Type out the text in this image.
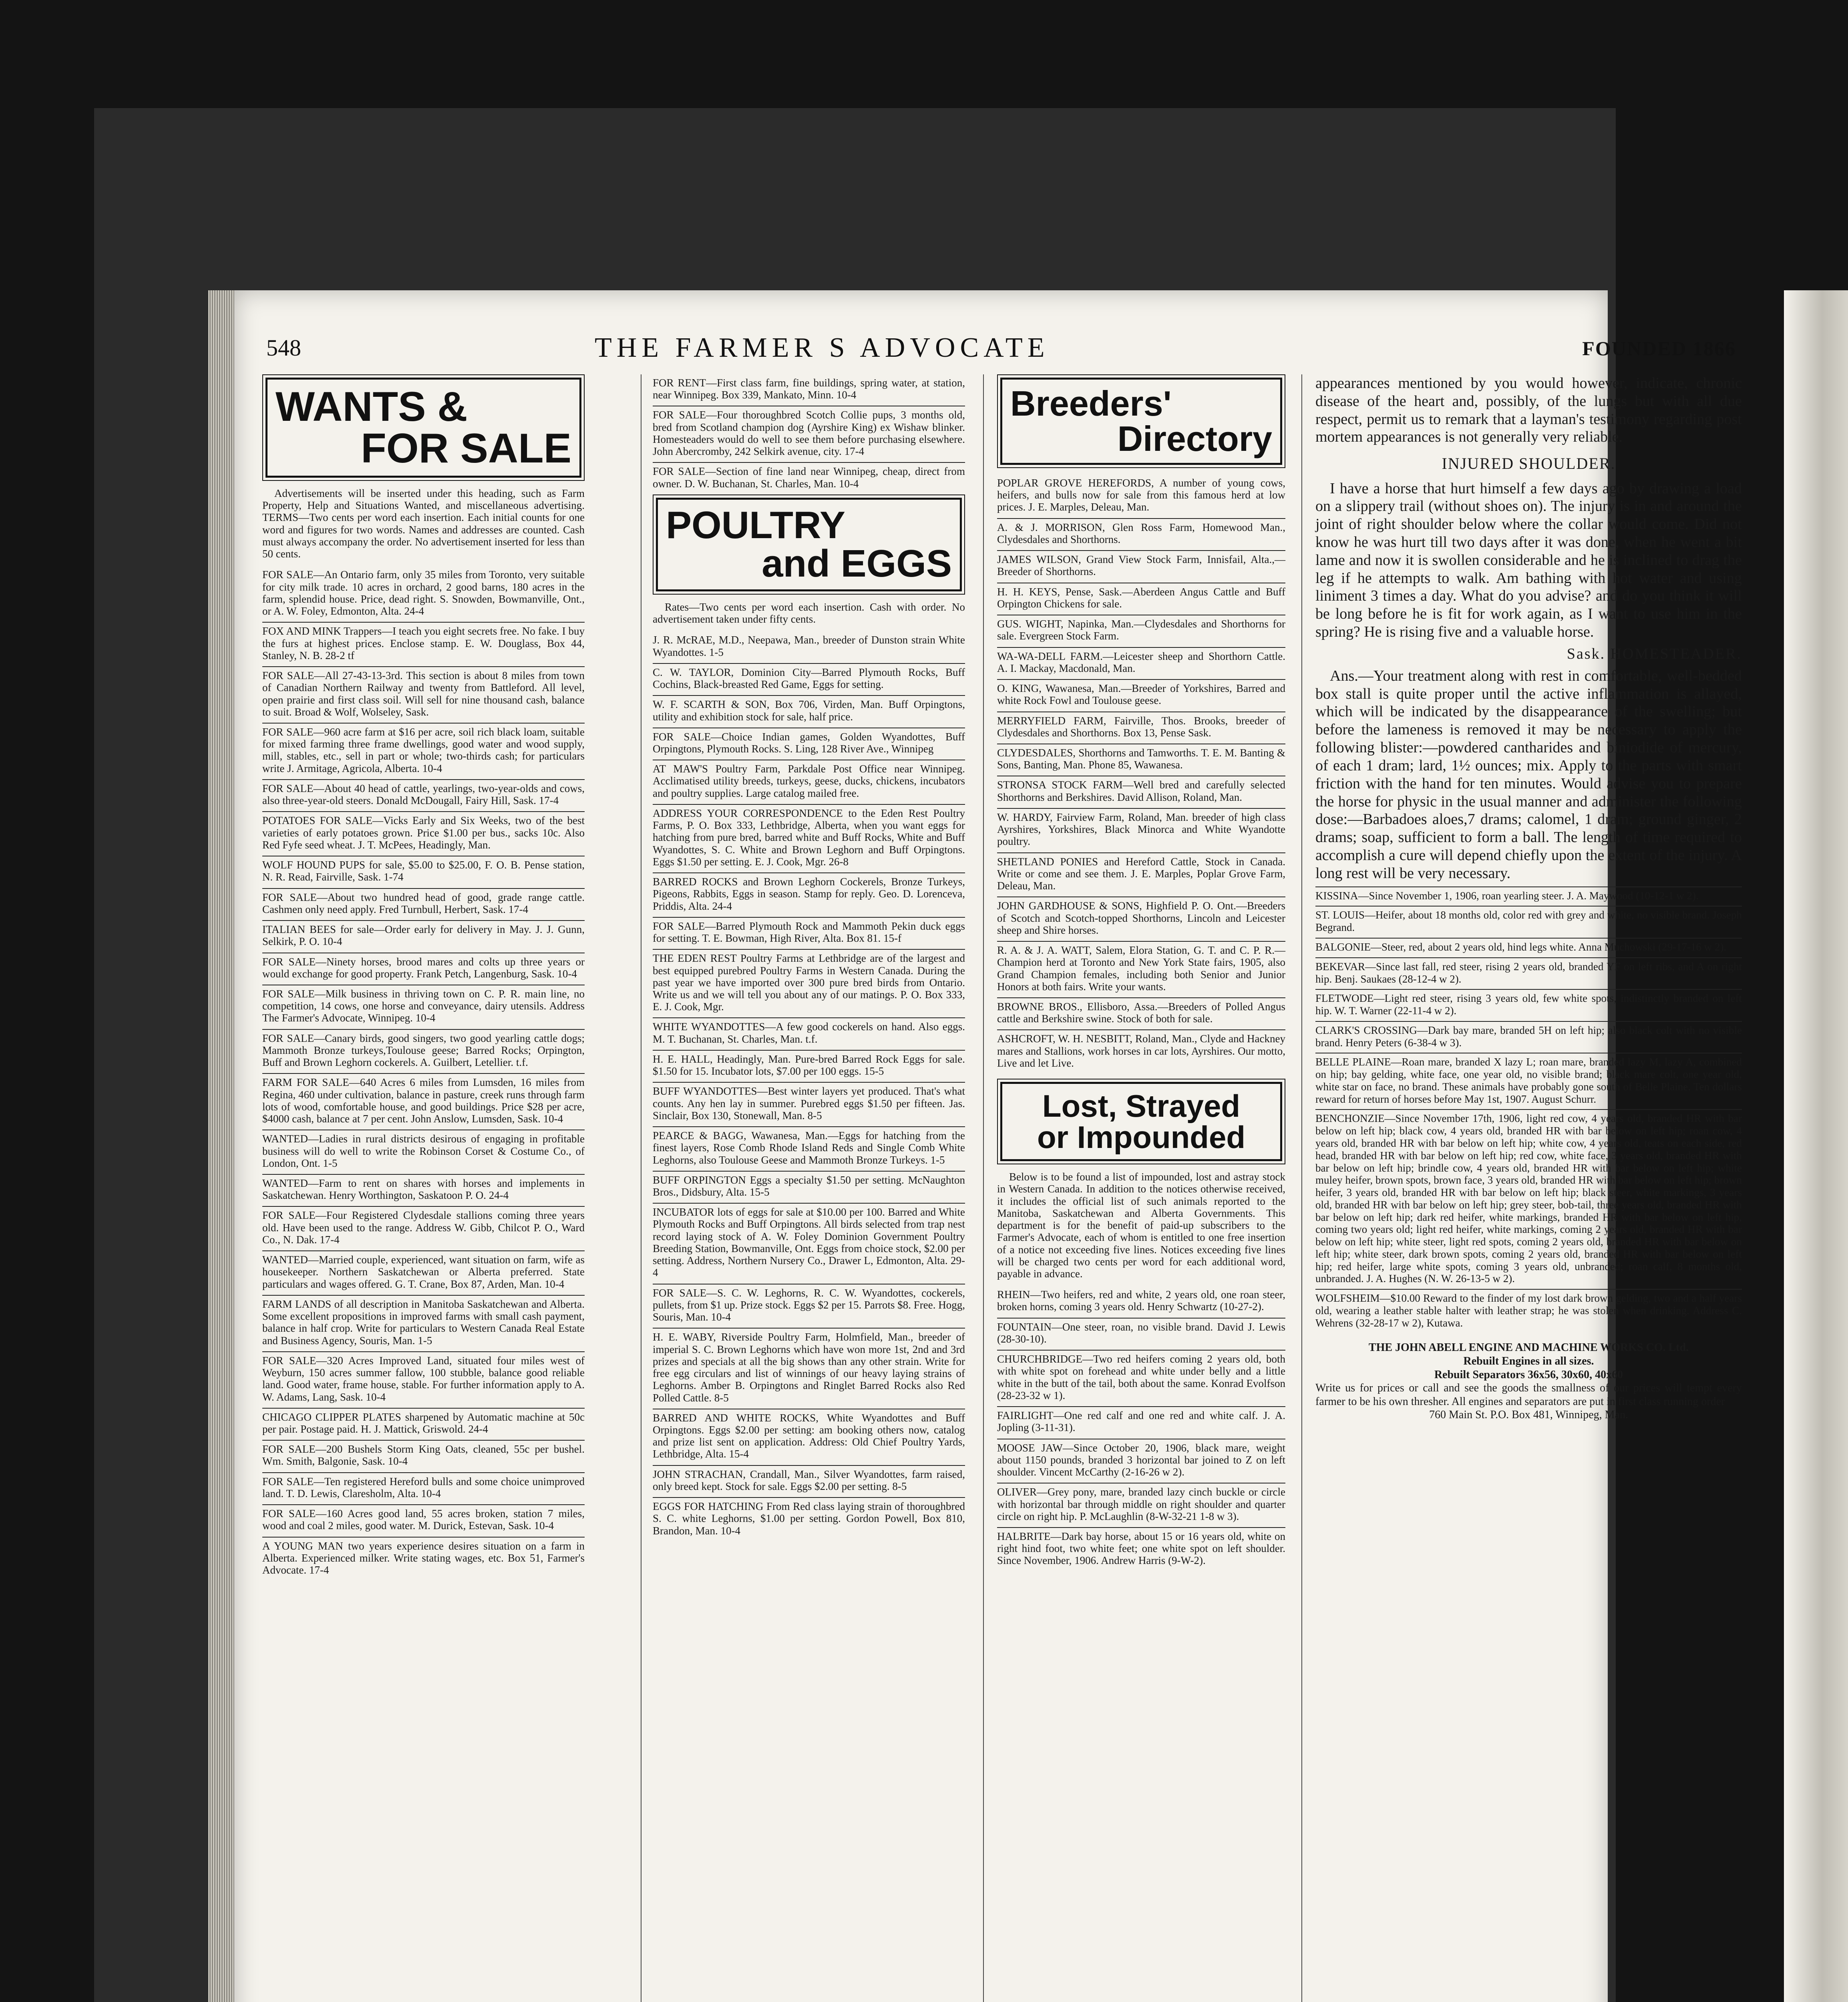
548	THE FARMER S ADVOCATE	FOUNDED 1866
WANTS &
FOR SALE
Advertisements will be inserted under this heading, such as Farm Property, Help and Situations Wanted, and miscellaneous advertising. TERMS—Two cents per word each insertion. Each initial counts for one word and figures for two words. Names and addresses are counted. Cash must always accompany the order. No advertisement inserted for less than 50 cents.
FOR SALE—An Ontario farm, only 35 miles from Toronto, very suitable for city milk trade. 10 acres in orchard, 2 good barns, 180 acres in the farm, splendid house. Price, dead right. S. Snowden, Bowmanville, Ont., or A. W. Foley, Edmonton, Alta. 24-4
FOX AND MINK Trappers—I teach you eight secrets free. No fake. I buy the furs at highest prices. Enclose stamp. E. W. Douglass, Box 44, Stanley, N. B. 28-2 tf
FOR SALE—All 27-43-13-3rd. This section is about 8 miles from town of Canadian Northern Railway and twenty from Battleford. All level, open prairie and first class soil. Will sell for nine thousand cash, balance to suit. Broad & Wolf, Wolseley, Sask.
FOR SALE—960 acre farm at $16 per acre, soil rich black loam, suitable for mixed farming three frame dwellings, good water and wood supply, mill, stables, etc., sell in part or whole; two-thirds cash; for particulars write J. Armitage, Agricola, Alberta. 10-4
FOR SALE—About 40 head of cattle, yearlings, two-year-olds and cows, also three-year-old steers. Donald McDougall, Fairy Hill, Sask. 17-4
POTATOES FOR SALE—Vicks Early and Six Weeks, two of the best varieties of early potatoes grown. Price $1.00 per bus., sacks 10c. Also Red Fyfe seed wheat. J. T. McPees, Headingly, Man.
WOLF HOUND PUPS for sale, $5.00 to $25.00, F. O. B. Pense station, N. R. Read, Fairville, Sask. 1-74
FOR SALE—About two hundred head of good, grade range cattle. Cashmen only need apply. Fred Turnbull, Herbert, Sask. 17-4
ITALIAN BEES for sale—Order early for delivery in May. J. J. Gunn, Selkirk, P. O. 10-4
FOR SALE—Ninety horses, brood mares and colts up three years or would exchange for good property. Frank Petch, Langenburg, Sask. 10-4
FOR SALE—Milk business in thriving town on C. P. R. main line, no competition, 14 cows, one horse and conveyance, dairy utensils. Address The Farmer's Advocate, Winnipeg. 10-4
FOR SALE—Canary birds, good singers, two good yearling cattle dogs; Mammoth Bronze turkeys,Toulouse geese; Barred Rocks; Orpington, Buff and Brown Leghorn cockerels. A. Guilbert, Letellier. t.f.
FARM FOR SALE—640 Acres 6 miles from Lumsden, 16 miles from Regina, 460 under cultivation, balance in pasture, creek runs through farm lots of wood, comfortable house, and good buildings. Price $28 per acre, $4000 cash, balance at 7 per cent. John Anslow, Lumsden, Sask. 10-4
WANTED—Ladies in rural districts desirous of engaging in profitable business will do well to write the Robinson Corset & Costume Co., of London, Ont. 1-5
WANTED—Farm to rent on shares with horses and implements in Saskatchewan. Henry Worthington, Saskatoon P. O. 24-4
FOR SALE—Four Registered Clydesdale stallions coming three years old. Have been used to the range. Address W. Gibb, Chilcot P. O., Ward Co., N. Dak. 17-4
WANTED—Married couple, experienced, want situation on farm, wife as housekeeper. Northern Saskatchewan or Alberta preferred. State particulars and wages offered. G. T. Crane, Box 87, Arden, Man. 10-4
FARM LANDS of all description in Manitoba Saskatchewan and Alberta. Some excellent propositions in improved farms with small cash payment, balance in half crop. Write for particulars to Western Canada Real Estate and Business Agency, Souris, Man. 1-5
FOR SALE—320 Acres Improved Land, situated four miles west of Weyburn, 150 acres summer fallow, 100 stubble, balance good reliable land. Good water, frame house, stable. For further information apply to A. W. Adams, Lang, Sask. 10-4
CHICAGO CLIPPER PLATES sharpened by Automatic machine at 50c per pair. Postage paid. H. J. Mattick, Griswold. 24-4
FOR SALE—200 Bushels Storm King Oats, cleaned, 55c per bushel. Wm. Smith, Balgonie, Sask. 10-4
FOR SALE—Ten registered Hereford bulls and some choice unimproved land. T. D. Lewis, Claresholm, Alta. 10-4
FOR SALE—160 Acres good land, 55 acres broken, station 7 miles, wood and coal 2 miles, good water. M. Durick, Estevan, Sask. 10-4
A YOUNG MAN two years experience desires situation on a farm in Alberta. Experienced milker. Write stating wages, etc. Box 51, Farmer's Advocate. 17-4
FOR RENT—First class farm, fine buildings, spring water, at station, near Winnipeg. Box 339, Mankato, Minn. 10-4
FOR SALE—Four thoroughbred Scotch Collie pups, 3 months old, bred from Scotland champion dog (Ayrshire King) ex Wishaw blinker. Homesteaders would do well to see them before purchasing elsewhere. John Abercromby, 242 Selkirk avenue, city. 17-4
FOR SALE—Section of fine land near Winnipeg, cheap, direct from owner. D. W. Buchanan, St. Charles, Man. 10-4
POULTRY
and EGGS
Rates—Two cents per word each insertion. Cash with order. No advertisement taken under fifty cents.
J. R. McRAE, M.D., Neepawa, Man., breeder of Dunston strain White Wyandottes. 1-5
C. W. TAYLOR, Dominion City—Barred Plymouth Rocks, Buff Cochins, Black-breasted Red Game, Eggs for setting.
W. F. SCARTH & SON, Box 706, Virden, Man. Buff Orpingtons, utility and exhibition stock for sale, half price.
FOR SALE—Choice Indian games, Golden Wyandottes, Buff Orpingtons, Plymouth Rocks. S. Ling, 128 River Ave., Winnipeg
AT MAW'S Poultry Farm, Parkdale Post Office near Winnipeg. Acclimatised utility breeds, turkeys, geese, ducks, chickens, incubators and poultry supplies. Large catalog mailed free.
ADDRESS YOUR CORRESPONDENCE to the Eden Rest Poultry Farms, P. O. Box 333, Lethbridge, Alberta, when you want eggs for hatching from pure bred, barred white and Buff Rocks, White and Buff Wyandottes, S. C. White and Brown Leghorn and Buff Orpingtons. Eggs $1.50 per setting. E. J. Cook, Mgr. 26-8
BARRED ROCKS and Brown Leghorn Cockerels, Bronze Turkeys, Pigeons, Rabbits, Eggs in season. Stamp for reply. Geo. D. Lorenceva, Priddis, Alta. 24-4
FOR SALE—Barred Plymouth Rock and Mammoth Pekin duck eggs for setting. T. E. Bowman, High River, Alta. Box 81. 15-f
THE EDEN REST Poultry Farms at Lethbridge are of the largest and best equipped purebred Poultry Farms in Western Canada. During the past year we have imported over 300 pure bred birds from Ontario. Write us and we will tell you about any of our matings. P. O. Box 333, E. J. Cook, Mgr.
WHITE WYANDOTTES—A few good cockerels on hand. Also eggs. M. T. Buchanan, St. Charles, Man. t.f.
H. E. HALL, Headingly, Man. Pure-bred Barred Rock Eggs for sale. $1.50 for 15. Incubator lots, $7.00 per 100 eggs. 15-5
BUFF WYANDOTTES—Best winter layers yet produced. That's what counts. Any hen lay in summer. Purebred eggs $1.50 per fifteen. Jas. Sinclair, Box 130, Stonewall, Man. 8-5
PEARCE & BAGG, Wawanesa, Man.—Eggs for hatching from the finest layers, Rose Comb Rhode Island Reds and Single Comb White Leghorns, also Toulouse Geese and Mammoth Bronze Turkeys. 1-5
BUFF ORPINGTON Eggs a specialty $1.50 per setting. McNaughton Bros., Didsbury, Alta. 15-5
INCUBATOR lots of eggs for sale at $10.00 per 100. Barred and White Plymouth Rocks and Buff Orpingtons. All birds selected from trap nest record laying stock of A. W. Foley Dominion Government Poultry Breeding Station, Bowmanville, Ont. Eggs from choice stock, $2.00 per setting. Address, Northern Nursery Co., Drawer L, Edmonton, Alta. 29-4
FOR SALE—S. C. W. Leghorns, R. C. W. Wyandottes, cockerels, pullets, from $1 up. Prize stock. Eggs $2 per 15. Parrots $8. Free. Hogg, Souris, Man. 10-4
H. E. WABY, Riverside Poultry Farm, Holmfield, Man., breeder of imperial S. C. Brown Leghorns which have won more 1st, 2nd and 3rd prizes and specials at all the big shows than any other strain. Write for free egg circulars and list of winnings of our heavy laying strains of Leghorns. Amber B. Orpingtons and Ringlet Barred Rocks also Red Polled Cattle. 8-5
BARRED AND WHITE ROCKS, White Wyandottes and Buff Orpingtons. Eggs $2.00 per setting: am booking others now, catalog and prize list sent on application. Address: Old Chief Poultry Yards, Lethbridge, Alta. 15-4
JOHN STRACHAN, Crandall, Man., Silver Wyandottes, farm raised, only breed kept. Stock for sale. Eggs $2.00 per setting. 8-5
EGGS FOR HATCHING From Red class laying strain of thoroughbred S. C. white Leghorns, $1.00 per setting. Gordon Powell, Box 810, Brandon, Man. 10-4
Breeders'
Directory
POPLAR GROVE HEREFORDS, A number of young cows, heifers, and bulls now for sale from this famous herd at low prices. J. E. Marples, Deleau, Man.
A. & J. MORRISON, Glen Ross Farm, Homewood Man., Clydesdales and Shorthorns.
JAMES WILSON, Grand View Stock Farm, Innisfail, Alta.,—Breeder of Shorthorns.
H. H. KEYS, Pense, Sask.—Aberdeen Angus Cattle and Buff Orpington Chickens for sale.
GUS. WIGHT, Napinka, Man.—Clydesdales and Shorthorns for sale. Evergreen Stock Farm.
WA-WA-DELL FARM.—Leicester sheep and Shorthorn Cattle. A. I. Mackay, Macdonald, Man.
O. KING, Wawanesa, Man.—Breeder of Yorkshires, Barred and white Rock Fowl and Toulouse geese.
MERRYFIELD FARM, Fairville, Thos. Brooks, breeder of Clydesdales and Shorthorns. Box 13, Pense Sask.
CLYDESDALES, Shorthorns and Tamworths. T. E. M. Banting & Sons, Banting, Man. Phone 85, Wawanesa.
STRONSA STOCK FARM—Well bred and carefully selected Shorthorns and Berkshires. David Allison, Roland, Man.
W. HARDY, Fairview Farm, Roland, Man. breeder of high class Ayrshires, Yorkshires, Black Minorca and White Wyandotte poultry.
SHETLAND PONIES and Hereford Cattle, Stock in Canada. Write or come and see them. J. E. Marples, Poplar Grove Farm, Deleau, Man.
JOHN GARDHOUSE & SONS, Highfield P. O. Ont.—Breeders of Scotch and Scotch-topped Shorthorns, Lincoln and Leicester sheep and Shire horses.
R. A. & J. A. WATT, Salem, Elora Station, G. T. and C. P. R.—Champion herd at Toronto and New York State fairs, 1905, also Grand Champion females, including both Senior and Junior Honors at both fairs. Write your wants.
BROWNE BROS., Ellisboro, Assa.—Breeders of Polled Angus cattle and Berkshire swine. Stock of both for sale.
ASHCROFT, W. H. NESBITT, Roland, Man., Clyde and Hackney mares and Stallions, work horses in car lots, Ayrshires. Our motto, Live and let Live.
Lost, Strayed
or Impounded
Below is to be found a list of impounded, lost and astray stock in Western Canada. In addition to the notices otherwise received, it includes the official list of such animals reported to the Manitoba, Saskatchewan and Alberta Governments. This department is for the benefit of paid-up subscribers to the Farmer's Advocate, each of whom is entitled to one free insertion of a notice not exceeding five lines. Notices exceeding five lines will be charged two cents per word for each additional word, payable in advance.
RHEIN—Two heifers, red and white, 2 years old, one roan steer, broken horns, coming 3 years old. Henry Schwartz (10-27-2).
FOUNTAIN—One steer, roan, no visible brand. David J. Lewis (28-30-10).
CHURCHBRIDGE—Two red heifers coming 2 years old, both with white spot on forehead and white under belly and a little white in the butt of the tail, both about the same. Konrad Evolfson (28-23-32 w 1).
FAIRLIGHT—One red calf and one red and white calf. J. A. Jopling (3-11-31).
MOOSE JAW—Since October 20, 1906, black mare, weight about 1150 pounds, branded 3 horizontal bar joined to Z on left shoulder. Vincent McCarthy (2-16-26 w 2).
OLIVER—Grey pony, mare, branded lazy cinch buckle or circle with horizontal bar through middle on right shoulder and quarter circle on right hip. P. McLaughlin (8-W-32-21 1-8 w 3).
HALBRITE—Dark bay horse, about 15 or 16 years old, white on right hind foot, two white feet; one white spot on left shoulder. Since November, 1906. Andrew Harris (9-W-2).

appearances mentioned by you would however, indicate, chronic disease of the heart and, possibly, of the lungs but with all due respect, permit us to remark that a layman's testimony regarding post mortem appearances is not generally very reliable.

INJURED SHOULDER.

I have a horse that hurt himself a few days ago by drawing a load on a slippery trail (without shoes on). The injury is in and around the joint of right shoulder below where the collar would come. Did not know he was hurt till two days after it was done, when he went a bit lame and now it is swollen considerable and he is inclined to drag the leg if he attempts to walk. Am bathing with hot water and using liniment 3 times a day. What do you advise? and do you think it will be long before he is fit for work again, as I want to use him in the spring? He is rising five and a valuable horse.

Sask. HOMESTEADER.

Ans.—Your treatment along with rest in comfortable, well-bedded box stall is quite proper until the active inflammation is allayed, which will be indicated by the disappearance of the swelling; but before the lameness is removed it may be necessary to apply the following blister:—powdered cantharides and biniodide of mercury, of each 1 dram; lard, 1½ ounces; mix. Apply to the parts with smart friction with the hand for ten minutes. Would advise you to prepare the horse for physic in the usual manner and administer the following dose:—Barbadoes aloes,7 drams; calomel, 1 dram; ground ginger, 2 drams; soap, sufficient to form a ball. The length of time required to accomplish a cure will depend chiefly upon the extent of the injury. A long rest will be very necessary.

KISSINA—Since November 1, 1906, roan yearling steer. J. A. Maywood (10-12-1 w 2).
ST. LOUIS—Heifer, about 18 months old, color red with grey and white, no visible brand. Joseph Begrand.
BALGONIE—Steer, red, about 2 years old, hind legs white. Anna Muchowski (29-17-16 w 2).
BEKEVAR—Since last fall, red steer, rising 2 years old, branded YF on left ribs, and A on right hip. Benj. Saukaes (28-12-4 w 2).
FLETWODE—Light red steer, rising 3 years old, few white spots, indistinctly branded on left hip. W. T. Warner (22-11-4 w 2).
CLARK'S CROSSING—Dark bay mare, branded 5H on left hip; also black colt with no visible brand. Henry Peters (6-38-4 w 3).
BELLE PLAINE—Roan mare, branded X lazy L; roan mare, branded lazy M, lazy A, combined on hip; bay gelding, white face, one year old, no visible brand; black mare colt, one year old, white star on face, no brand. These animals have probably gone south of Belle Plaine. Ten dollars reward for return of horses before May 1st, 1907. August Schurr.
BENCHONZIE—Since November 17th, 1906, light red cow, 4 years old, branded HR with bar below on left hip; black cow, 4 years old, branded HR with bar below on left hip; roan cow, 4 years old, branded HR with bar below on left hip; white cow, 4 years old, teats on each side, red head, branded HR with bar below on left hip; red cow, white face, 3 years old, branded HR with bar below on left hip; brindle cow, 4 years old, branded HR with bar below on left hip; white muley heifer, brown spots, brown face, 3 years old, branded HR with bar below on left hip; brown heifer, 3 years old, branded HR with bar below on left hip; black steer, white markings, 3 years old, branded HR with bar below on left hip; grey steer, bob-tail, three years old, branded HR with bar below on left hip; dark red heifer, white markings, branded HR with bar below on left hip, coming two years old; light red heifer, white markings, coming 2 years old, branded HR with bar below on left hip; white steer, light red spots, coming 2 years old, branded HR with bar below on left hip; white steer, dark brown spots, coming 2 years old, branded HR with bar below on left hip; red heifer, large white spots, coming 3 years old, unbranded; roan calf, 8 months old, unbranded. J. A. Hughes (N. W. 26-13-5 w 2).
WOLFSHEIM—$10.00 Reward to the finder of my lost dark brown gelding, two and a half years old, wearing a leather stable halter with leather strap; he was stolen when drinking. Address C. Wehrens (32-28-17 w 2), Kutawa.
THE JOHN ABELL ENGINE AND MACHINE WORKS CO. Ltd.
Rebuilt Engines in all sizes.
Rebuilt Separators 36x56, 30x60, 40x60
Write us for prices or call and see the goods the smallness of our prices will tempt every farmer to be his own thresher. All engines and separators are put in first class running order
760 Main St. P.O. Box 481, Winnipeg, Man.
